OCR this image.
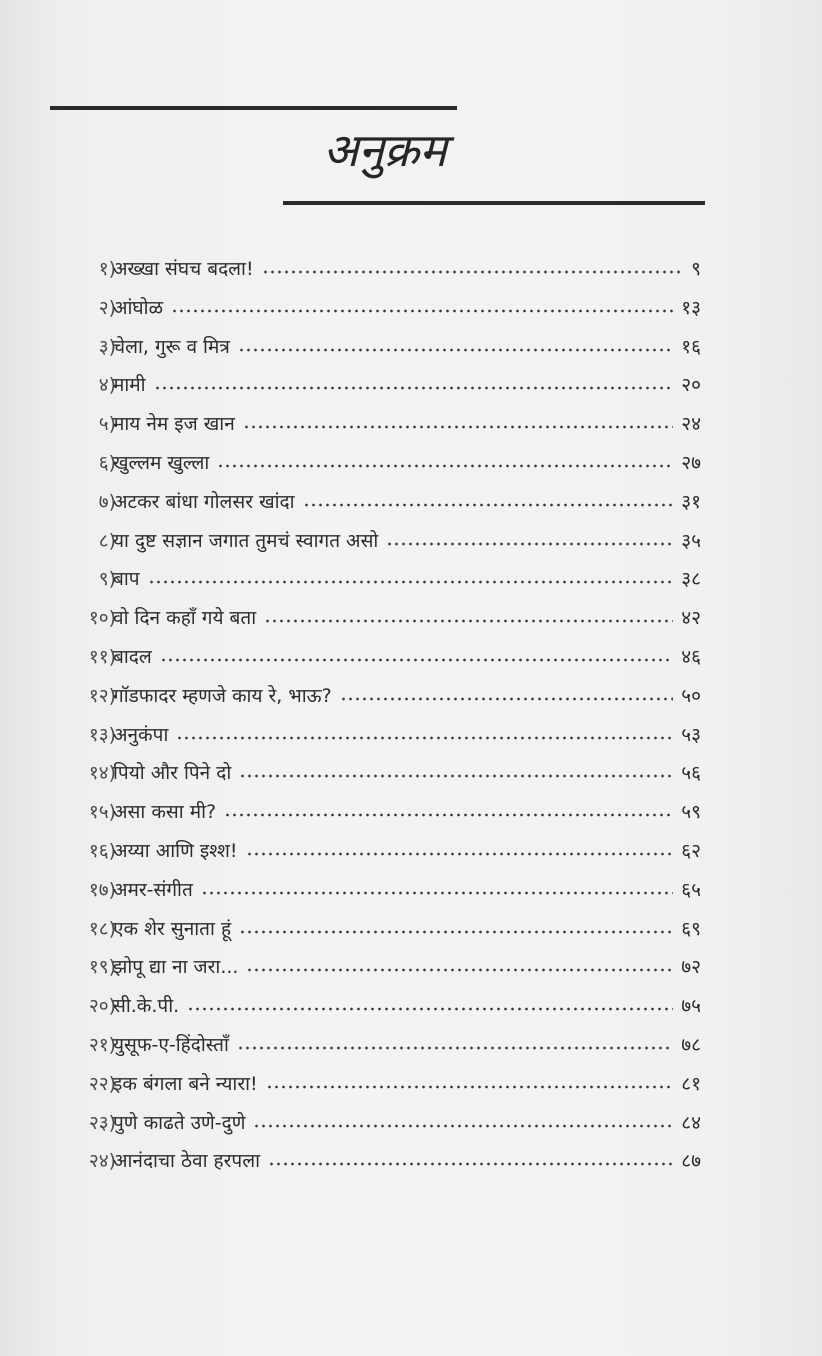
अनुक्रम
१)
अख्खा संघच बदला!	९
२)
आंघोळ	१३
३)
चेला, गुरू व मित्र	१६
४)
मामी	२०
५)
माय नेम इज खान	२४
६)
खुल्लम खुल्ला	२७
७)
अटकर बांधा गोलसर खांदा	३१
८)
या दुष्ट सज्ञान जगात तुमचं स्वागत असो	३५
९)
बाप	३८
१०)
वो दिन कहाँ गये बता	४२
११)
बादल	४६
१२)
गॉडफादर म्हणजे काय रे, भाऊ?	५०
१३)
अनुकंपा	५३
१४)
पियो और पिने दो	५६
१५)
असा कसा मी?	५९
१६)
अय्या आणि इश्श!	६२
१७)
अमर-संगीत	६५
१८)
एक शेर सुनाता हूं	६९
१९)
झोपू द्या ना जरा...	७२
२०)
सी.के.पी.	७५
२१)
युसूफ-ए-हिंदोस्ताँ	७८
२२)
इक बंगला बने न्यारा!	८१
२३)
पुणे काढते उणे-दुणे	८४
२४)
आनंदाचा ठेवा हरपला	८७
